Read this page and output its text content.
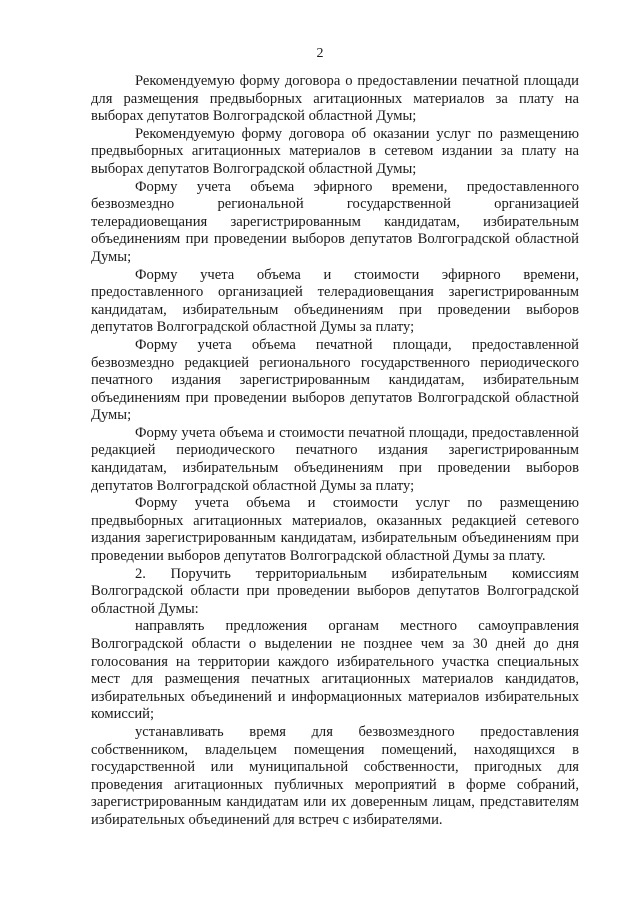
2

Рекомендуемую форму договора о предоставлении печатной площади для размещения предвыборных агитационных материалов за плату на выборах депутатов Волгоградской областной Думы;

Рекомендуемую форму договора об оказании услуг по размещению предвыборных агитационных материалов в сетевом издании за плату на выборах депутатов Волгоградской областной Думы;

Форму учета объема эфирного времени, предоставленного безвозмездно региональной государственной организацией телерадиовещания зарегистрированным кандидатам, избирательным объединениям при проведении выборов депутатов Волгоградской областной Думы;

Форму учета объема и стоимости эфирного времени, предоставленного организацией телерадиовещания зарегистрированным кандидатам, избирательным объединениям при проведении выборов депутатов Волгоградской областной Думы за плату;

Форму учета объема печатной площади, предоставленной безвозмездно редакцией регионального государственного периодического печатного издания зарегистрированным кандидатам, избирательным объединениям при проведении выборов депутатов Волгоградской областной Думы;

Форму учета объема и стоимости печатной площади, предоставленной редакцией периодического печатного издания зарегистрированным кандидатам, избирательным объединениям при проведении выборов депутатов Волгоградской областной Думы за плату;

Форму учета объема и стоимости услуг по размещению предвыборных агитационных материалов, оказанных редакцией сетевого издания зарегистрированным кандидатам, избирательным объединениям при проведении выборов депутатов Волгоградской областной Думы за плату.

2. Поручить территориальным избирательным комиссиям Волгоградской области при проведении выборов депутатов Волгоградской областной Думы:

направлять предложения органам местного самоуправления Волгоградской области о выделении не позднее чем за 30 дней до дня голосования на территории каждого избирательного участка специальных мест для размещения печатных агитационных материалов кандидатов, избирательных объединений и информационных материалов избирательных комиссий;

устанавливать время для безвозмездного предоставления собственником, владельцем помещения помещений, находящихся в государственной или муниципальной собственности, пригодных для проведения агитационных публичных мероприятий в форме собраний, зарегистрированным кандидатам или их доверенным лицам, представителям избирательных объединений для встреч с избирателями.
